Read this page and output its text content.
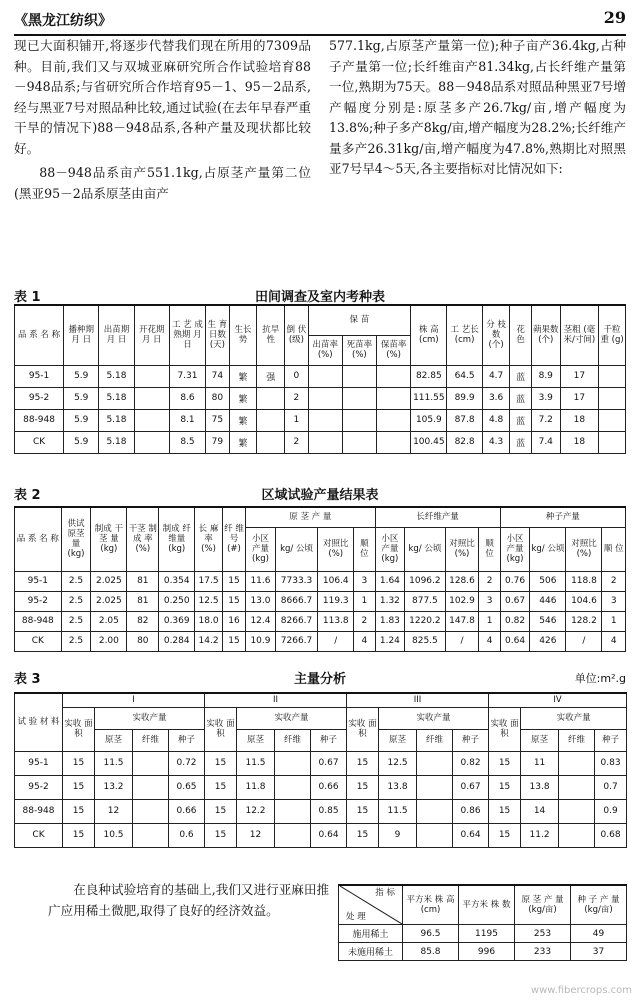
《黑龙江纺织》	29

现已大面积铺开,将逐步代替我们现在所用的7309品种。目前,我们又与双城亚麻研究所合作试验培育88－948品系;与省研究所合作培育95－1、95－2品系,经与黑亚7号对照品种比较,通过试验(在去年早春严重干旱的情况下)88－948品系,各种产量及现状都比较好。

88－948品系亩产551.1kg,占原茎产量第二位(黑亚95－2品系原茎由亩产

577.1kg,占原茎产量第一位);种子亩产36.4kg,占种子产量第一位;长纤维亩产81.34kg,占长纤维产量第一位,熟期为75天。88－948品系对照品种黑亚7号增产幅度分别是:原茎多产26.7kg/亩,增产幅度为13.8%;种子多产8kg/亩,增产幅度为28.2%;长纤维产量多产26.31kg/亩,增产幅度为47.8%,熟期比对照黑亚7号早4～5天,各主要指标对比情况如下:

田间调查及室内考种表
表 1
品 系 名 称	播种期 月 日	出苗期 月 日	开花期 月 日	工 艺 成熟期 月日	生 育 日数 (天)	生长势	抗旱性	倒 伏 (级)	保 苗			株 高 (cm)	工 艺长 (cm)	分 枝 数 (个)	花 色	蒴果数 (个)	茎粗 (毫米/寸间)	千粒重 (g)
									出苗率 (%)	死苗率 (%)	保苗率 (%)							
95-1	5.9	5.18		7.31	74	繁	强	0				82.85	64.5	4.7	蓝	8.9	17	
95-2	5.9	5.18		8.6	80	繁		2				111.55	89.9	3.6	蓝	3.9	17	
88-948	5.9	5.18		8.1	75	繁		1				105.9	87.8	4.8	蓝	7.2	18	
CK	5.9	5.18		8.5	79	繁		2				100.45	82.8	4.3	蓝	7.4	18	
区域试验产量结果表
表 2
品 系 名 称	供试 原茎 量 (kg)	制成 干茎 量 (kg)	干茎 制成 率 (%)	制成 纤维量 (kg)	长 麻率 (%)	纤 维 号 (#)	原 茎 产 量				长纤维产量				种子产量			
							小区 产量 (kg)	kg/ 公顷	对照比 (%)	顺 位	小区 产量 (kg)	kg/ 公顷	对照比 (%)	顺 位	小区 产量 (kg)	kg/ 公顷	对照比 (%)	顺 位
95-1	2.5	2.025	81	0.354	17.5	15	11.6	7733.3	106.4	3	1.64	1096.2	128.6	2	0.76	506	118.8	2
95-2	2.5	2.025	81	0.250	12.5	15	13.0	8666.7	119.3	1	1.32	877.5	102.9	3	0.67	446	104.6	3
88-948	2.5	2.05	82	0.369	18.0	16	12.4	8266.7	113.8	2	1.83	1220.2	147.8	1	0.82	546	128.2	1
CK	2.5	2.00	80	0.284	14.2	15	10.9	7266.7	/	4	1.24	825.5	/	4	0.64	426	/	4
主量分析
表 3	单位:m².g
试 验 材 料	I				II				III				IV			
	实收 面积	实收产量			实收 面积	实收产量			实收 面积	实收产量			实收 面积	实收产量		
		原茎	纤维	种子		原茎	纤维	种子		原茎	纤维	种子		原茎	纤维	种子
95-1	15	11.5		0.72	15	11.5		0.67	15	12.5		0.82	15	11		0.83
95-2	15	13.2		0.65	15	11.8		0.66	15	13.8		0.67	15	13.8		0.7
88-948	15	12		0.66	15	12.2		0.85	15	11.5		0.86	15	14		0.9
CK	15	10.5		0.6	15	12		0.64	15	9		0.64	15	11.2		0.68

在良种试验培育的基础上,我们又进行亚麻田推广应用稀土微肥,取得了良好的经济效益。

指 标
处 理	平方米 株 高 (cm)	平方米 株 数	原 茎 产 量 (kg/亩)	种 子 产 量 (kg/亩)
施用稀土	96.5	1195	253	49
未施用稀土	85.8	996	233	37
www.fibercrops.com
